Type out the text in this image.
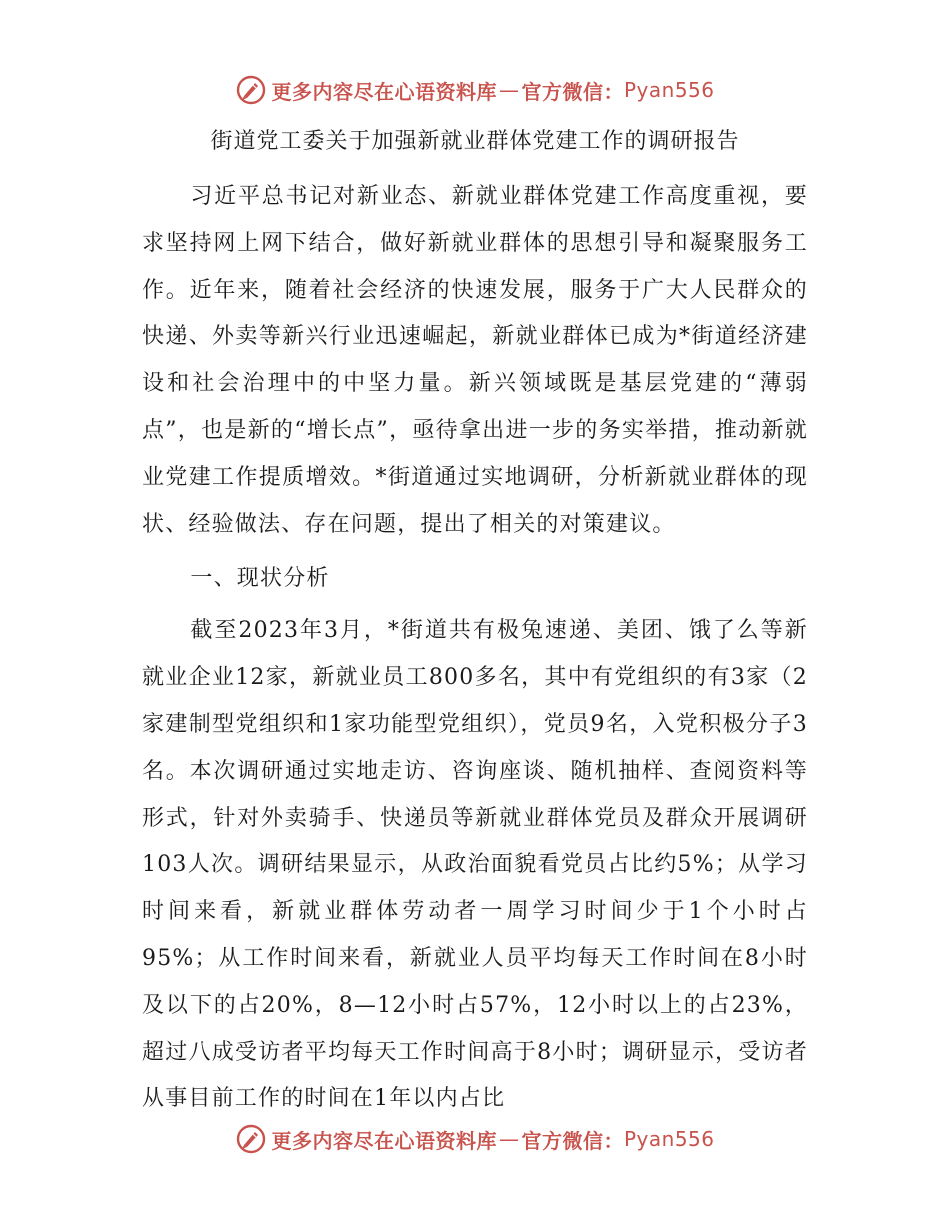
更多内容尽在心语资料库 — 官方微信： Pyan556
街道党工委关于加强新就业群体党建工作的调研报告

习近平总书记对新业态、新就业群体党建工作高度重视，要求坚持网上网下结合，做好新就业群体的思想引导和凝聚服务工作。近年来，随着社会经济的快速发展，服务于广大人民群众的快递、外卖等新兴行业迅速崛起，新就业群体已成为*街道经济建设和社会治理中的中坚力量。新兴领域既是基层党建的“薄弱点”，也是新的“增长点”，亟待拿出进一步的务实举措，推动新就业党建工作提质增效。*街道通过实地调研，分析新就业群体的现状、经验做法、存在问题，提出了相关的对策建议。

一、现状分析

截至2023年3月，*街道共有极兔速递、美团、饿了么等新就业企业12家，新就业员工800多名，其中有党组织的有3家（2家建制型党组织和1家功能型党组织），党员9名，入党积极分子3名。本次调研通过实地走访、咨询座谈、随机抽样、查阅资料等形式，针对外卖骑手、快递员等新就业群体党员及群众开展调研103人次。调研结果显示，从政治面貌看党员占比约5%；从学习时间来看，新就业群体劳动者一周学习时间少于1个小时占95%；从工作时间来看，新就业人员平均每天工作时间在8小时及以下的占20%，8—12小时占57%，12小时以上的占23%，超过八成受访者平均每天工作时间高于8小时；调研显示，受访者从事目前工作的时间在1年以内占比

更多内容尽在心语资料库 — 官方微信： Pyan556
